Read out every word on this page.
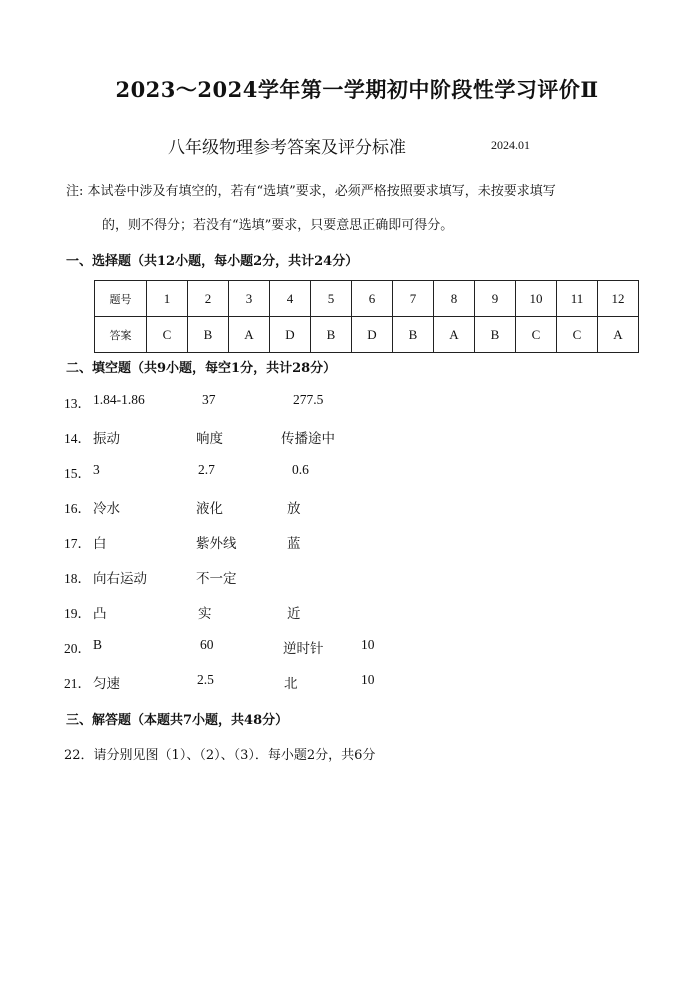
2023～2024学年第一学期初中阶段性学习评价Ⅱ
八年级物理参考答案及评分标准	2024.01
注: 本试卷中涉及有填空的，若有“选填”要求，必须严格按照要求填写，未按要求填写
的，则不得分；若没有“选填”要求，只要意思正确即可得分。
一、选择题（共12小题，每小题2分，共计24分）
题号	1	2	3	4	5	6	7	8	9	10	11	12
答案	C	B	A	D	B	D	B	A	B	C	C	A
二、填空题（共9小题，每空1分，共计28分）
13． 1.84-1.86	37	277.5
14． 振动	响度	传播途中
15． 3	2.7	0.6
16． 冷水	液化	放
17． 白	紫外线	蓝
18． 向右运动	不一定
19． 凸	实	近
20． B	60	逆时针	10
21． 匀速	2.5	北	10
三、解答题（本题共7小题，共48分）
22．请分别见图（1）、（2）、（3）．每小题2分，共6分
